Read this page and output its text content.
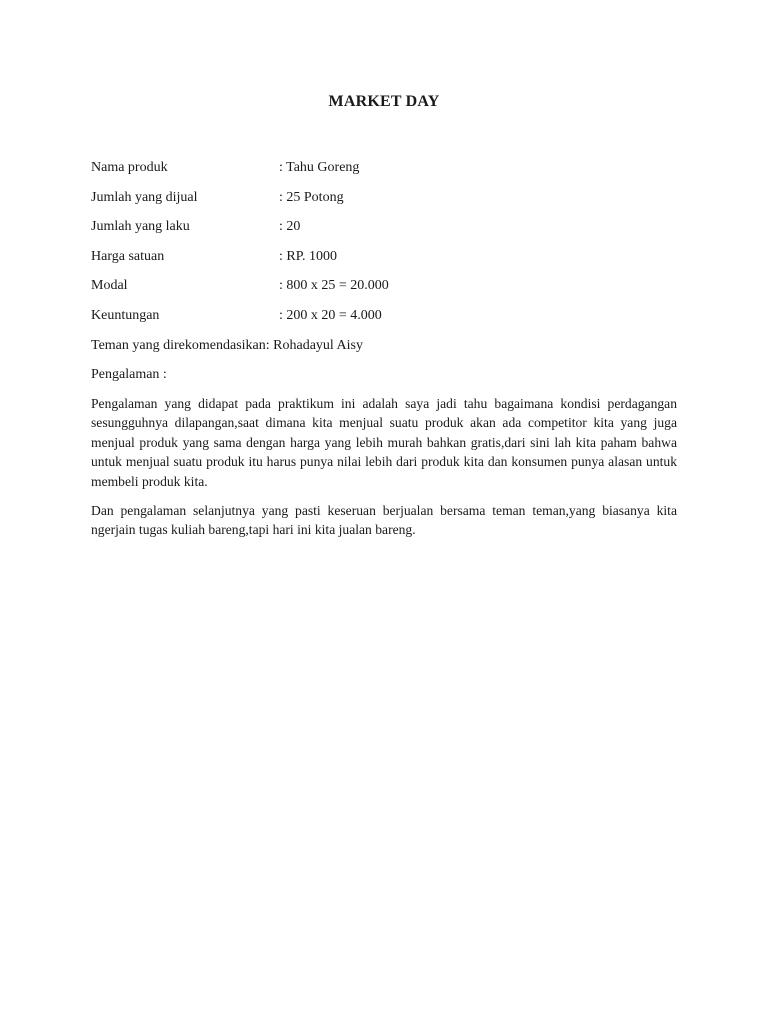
MARKET DAY
Nama produk	: Tahu Goreng
Jumlah yang dijual	: 25 Potong
Jumlah yang laku	: 20
Harga satuan	: RP. 1000
Modal	: 800 x 25 = 20.000
Keuntungan	: 200 x 20 = 4.000
Teman yang direkomendasikan: Rohadayul Aisy
Pengalaman :

Pengalaman yang didapat pada praktikum ini adalah saya jadi tahu bagaimana kondisi perdagangan sesungguhnya dilapangan,saat dimana kita menjual suatu produk akan ada competitor kita yang juga menjual produk yang sama dengan harga yang lebih murah bahkan gratis,dari sini lah kita paham bahwa untuk menjual suatu produk itu harus punya nilai lebih dari produk kita dan konsumen punya alasan untuk membeli produk kita.

Dan pengalaman selanjutnya yang pasti keseruan berjualan bersama teman teman,yang biasanya kita ngerjain tugas kuliah bareng,tapi hari ini kita jualan bareng.
